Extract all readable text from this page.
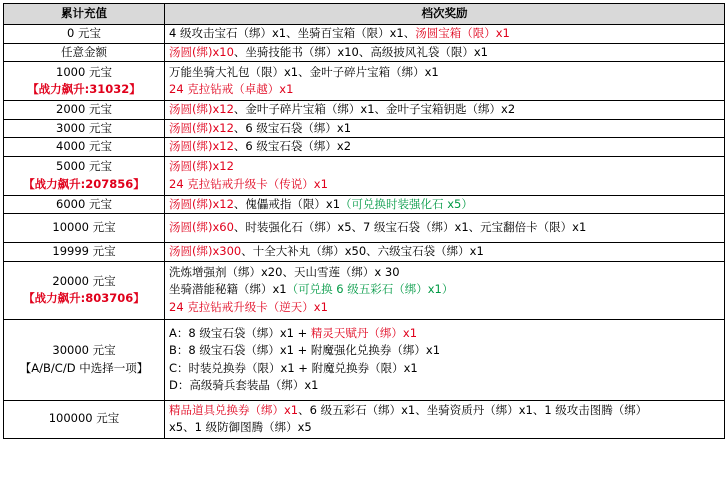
累计充值	档次奖励

0 元宝	4 级攻击宝石（绑）x1、坐骑百宝箱（限）x1、汤圆宝箱（限）x1

任意金额	汤圆(绑)x10、坐骑技能书（绑）x10、高级披风礼袋（限）x1

1000 元宝
【战力飙升:31032】	万能坐骑大礼包（限）x1、金叶子碎片宝箱（绑）x1
24 克拉钻戒（卓越）x1

2000 元宝	汤圆(绑)x12、金叶子碎片宝箱（绑）x1、金叶子宝箱钥匙（绑）x2

3000 元宝	汤圆(绑)x12、6 级宝石袋（绑）x1

4000 元宝	汤圆(绑)x12、6 级宝石袋（绑）x2

5000 元宝
【战力飙升:207856】	汤圆(绑)x12
24 克拉钻戒升级卡（传说）x1

6000 元宝	汤圆(绑)x12、傀儡戒指（限）x1（可兑换时装强化石 x5）

10000 元宝	汤圆(绑)x60、时装强化石（绑）x5、7 级宝石袋（绑）x1、元宝翻倍卡（限）x1

19999 元宝	汤圆(绑)x300、十全大补丸（绑）x50、六级宝石袋（绑）x1

20000 元宝
【战力飙升:803706】	洗炼增强剂（绑）x20、天山雪莲（绑）x 30
坐骑潜能秘籍（绑）x1（可兑换 6 级五彩石（绑）x1）
24 克拉钻戒升级卡（逆天）x1

30000 元宝
【A/B/C/D 中选择一项】	A：8 级宝石袋（绑）x1 + 精灵天赋丹（绑）x1
B：8 级宝石袋（绑）x1 + 附魔强化兑换券（绑）x1
C：时装兑换券（限）x1 + 附魔兑换券（限）x1
D：高级骑兵套装晶（绑）x1

100000 元宝	精品道具兑换券（绑）x1、6 级五彩石（绑）x1、坐骑资质丹（绑）x1、1 级攻击图腾（绑）
x5、1 级防御图腾（绑）x5
